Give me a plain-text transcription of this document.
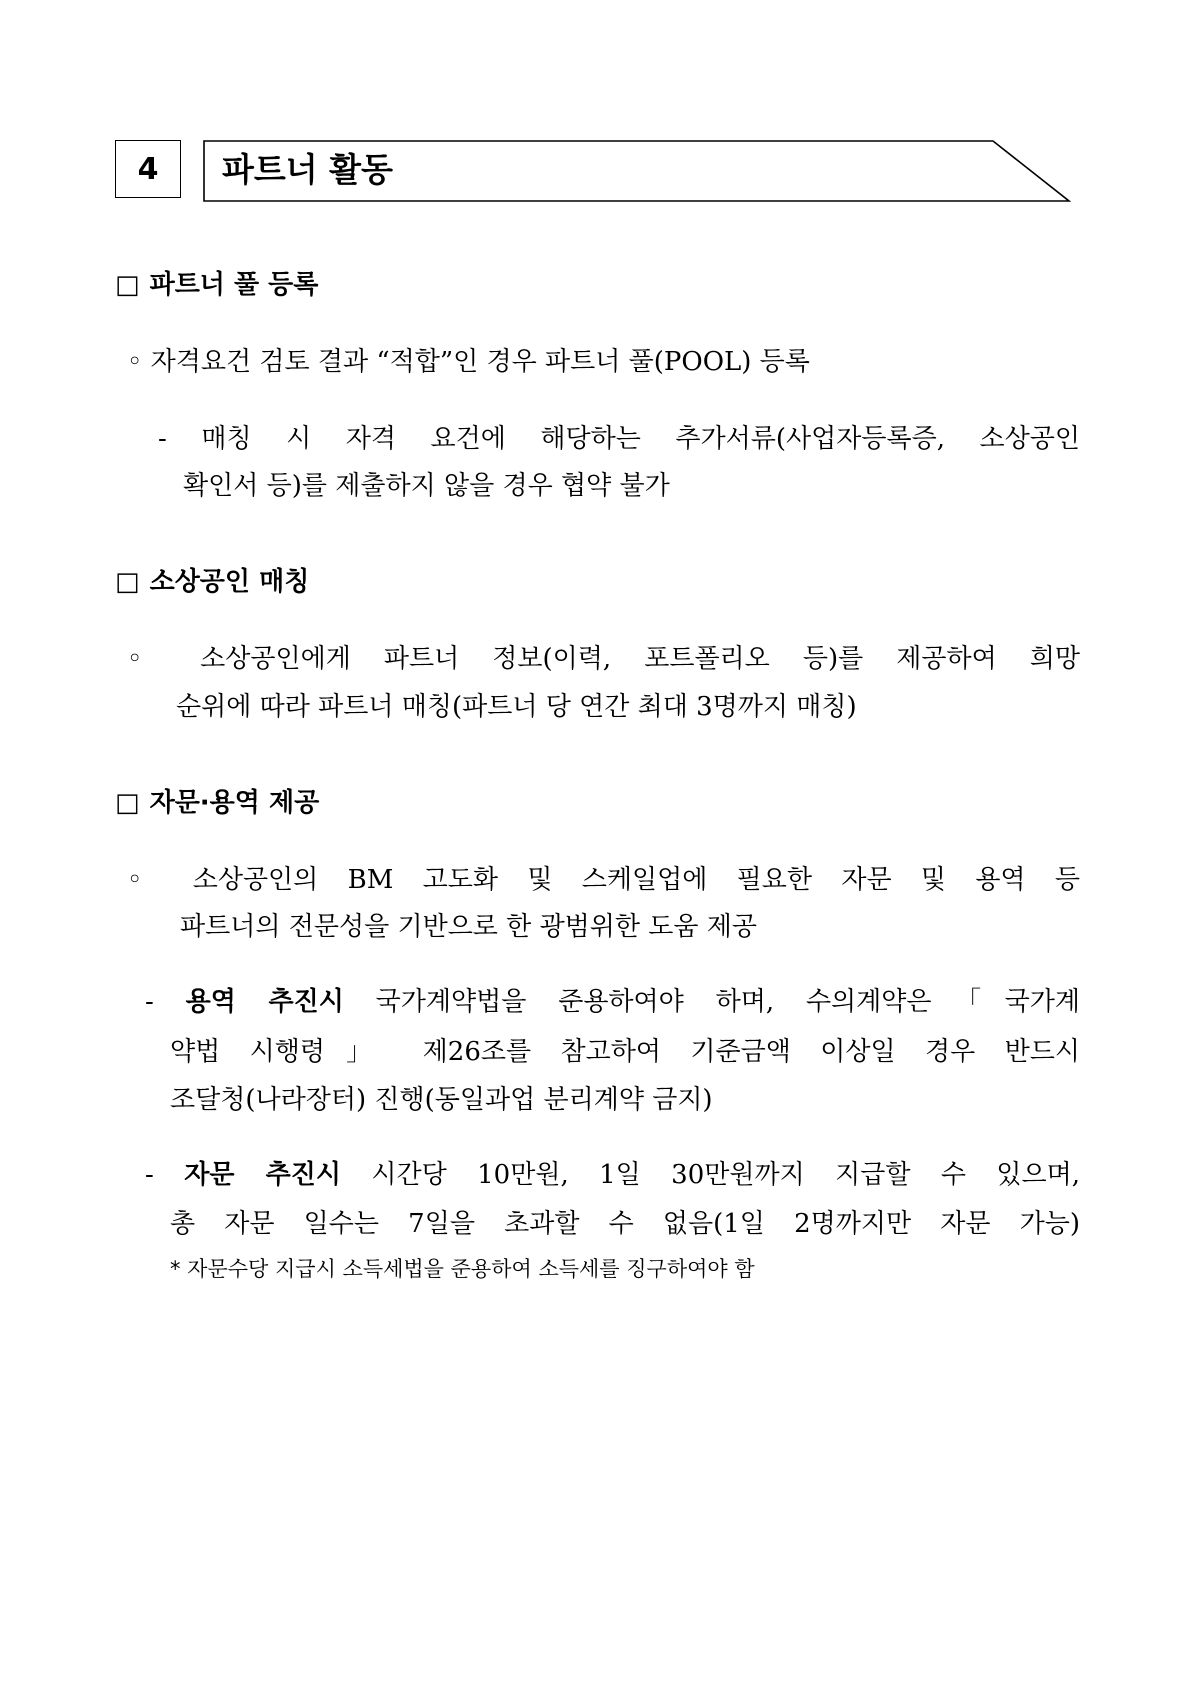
4 파트너 활동
□ 파트너 풀 등록
◦ 자격요건 검토 결과 “적합”인 경우 파트너 풀(POOL) 등록
- 매칭 시 자격 요건에 해당하는 추가서류(사업자등록증, 소상공인
확인서 등)를 제출하지 않을 경우 협약 불가
□ 소상공인 매칭
◦ 소상공인에게 파트너 정보(이력, 포트폴리오 등)를 제공하여 희망
순위에 따라 파트너 매칭(파트너 당 연간 최대 3명까지 매칭)
□ 자문·용역 제공
◦ 소상공인의 BM 고도화 및 스케일업에 필요한 자문 및 용역 등
파트너의 전문성을 기반으로 한 광범위한 도움 제공
- 용역 추진시 국가계약법을 준용하여야 하며, 수의계약은「국가계
약법 시행령」 제26조를 참고하여 기준금액 이상일 경우 반드시
조달청(나라장터) 진행(동일과업 분리계약 금지)
- 자문 추진시 시간당 10만원, 1일 30만원까지 지급할 수 있으며,
총 자문 일수는 7일을 초과할 수 없음(1일 2명까지만 자문 가능)
* 자문수당 지급시 소득세법을 준용하여 소득세를 징구하여야 함
